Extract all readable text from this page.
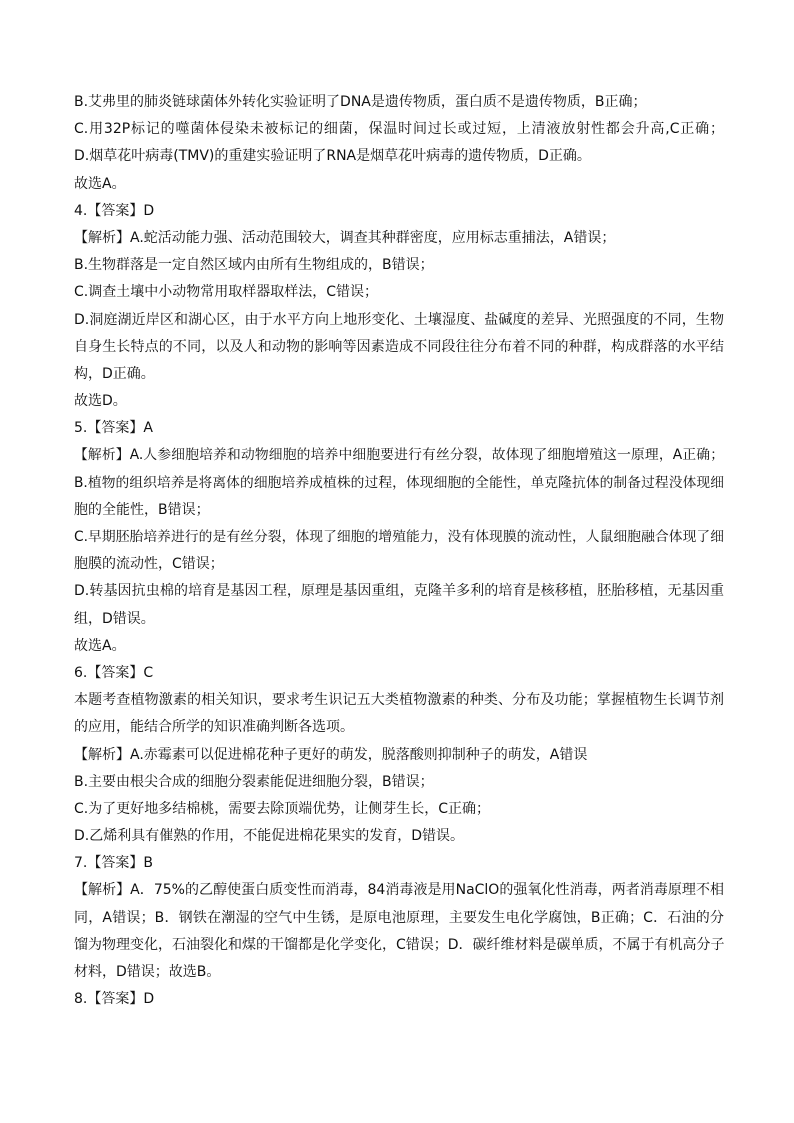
B.艾弗里的肺炎链球菌体外转化实验证明了DNA是遗传物质，蛋白质不是遗传物质，B正确；
C.用32P标记的噬菌体侵染未被标记的细菌，保温时间过长或过短，上清液放射性都会升高,C正确；
D.烟草花叶病毒(TMV)的重建实验证明了RNA是烟草花叶病毒的遗传物质，D正确。
故选A。
4.【答案】D
【解析】A.蛇活动能力强、活动范围较大，调查其种群密度，应用标志重捕法，A错误；
B.生物群落是一定自然区域内由所有生物组成的，B错误；
C.调查土壤中小动物常用取样器取样法，C错误；
D.洞庭湖近岸区和湖心区，由于水平方向上地形变化、土壤湿度、盐碱度的差异、光照强度的不同，生物
自身生长特点的不同，以及人和动物的影响等因素造成不同段往往分布着不同的种群，构成群落的水平结
构，D正确。
故选D。
5.【答案】A
【解析】A.人参细胞培养和动物细胞的培养中细胞要进行有丝分裂，故体现了细胞增殖这一原理，A正确；
B.植物的组织培养是将离体的细胞培养成植株的过程，体现细胞的全能性，单克隆抗体的制备过程没体现细
胞的全能性，B错误；
C.早期胚胎培养进行的是有丝分裂，体现了细胞的增殖能力，没有体现膜的流动性，人鼠细胞融合体现了细
胞膜的流动性，C错误；
D.转基因抗虫棉的培育是基因工程，原理是基因重组，克隆羊多利的培育是核移植，胚胎移植，无基因重
组，D错误。
故选A。
6.【答案】C
本题考查植物激素的相关知识，要求考生识记五大类植物激素的种类、分布及功能；掌握植物生长调节剂
的应用，能结合所学的知识准确判断各选项。
【解析】A.赤霉素可以促进棉花种子更好的萌发，脱落酸则抑制种子的萌发，A错误
B.主要由根尖合成的细胞分裂素能促进细胞分裂，B错误；
C.为了更好地多结棉桃，需要去除顶端优势，让侧芽生长，C正确；
D.乙烯利具有催熟的作用，不能促进棉花果实的发育，D错误。
7.【答案】B
【解析】A．75%的乙醇使蛋白质变性而消毒，84消毒液是用NaClO的强氧化性消毒，两者消毒原理不相
同，A错误；B．钢铁在潮湿的空气中生锈，是原电池原理，主要发生电化学腐蚀，B正确；C．石油的分
馏为物理变化，石油裂化和煤的干馏都是化学变化，C错误；D．碳纤维材料是碳单质，不属于有机高分子
材料，D错误；故选B。
8.【答案】D
